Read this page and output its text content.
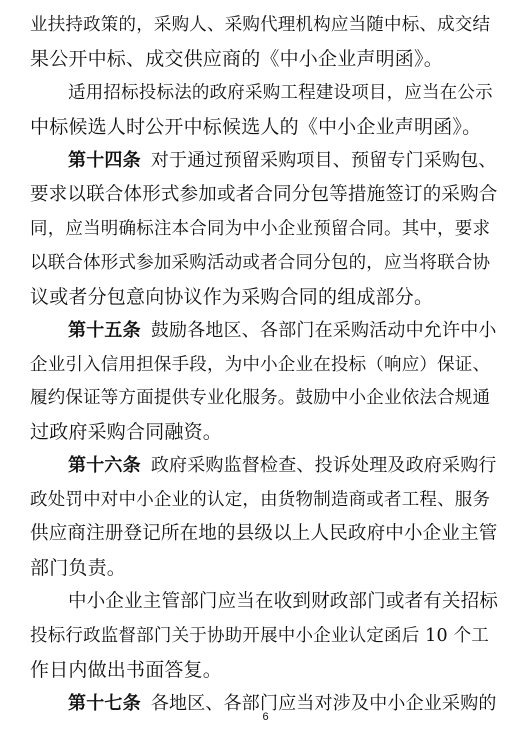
业扶持政策的，采购人、采购代理机构应当随中标、成交结
果公开中标、成交供应商的《中小企业声明函》。
适用招标投标法的政府采购工程建设项目，应当在公示
中标候选人时公开中标候选人的《中小企业声明函》。
第十四条 对于通过预留采购项目、预留专门采购包、
要求以联合体形式参加或者合同分包等措施签订的采购合
同，应当明确标注本合同为中小企业预留合同。其中，要求
以联合体形式参加采购活动或者合同分包的，应当将联合协
议或者分包意向协议作为采购合同的组成部分。
第十五条 鼓励各地区、各部门在采购活动中允许中小
企业引入信用担保手段，为中小企业在投标（响应）保证、
履约保证等方面提供专业化服务。鼓励中小企业依法合规通
过政府采购合同融资。
第十六条 政府采购监督检查、投诉处理及政府采购行
政处罚中对中小企业的认定，由货物制造商或者工程、服务
供应商注册登记所在地的县级以上人民政府中小企业主管
部门负责。
中小企业主管部门应当在收到财政部门或者有关招标
投标行政监督部门关于协助开展中小企业认定函后 10 个工
作日内做出书面答复。
第十七条 各地区、各部门应当对涉及中小企业采购的
6
